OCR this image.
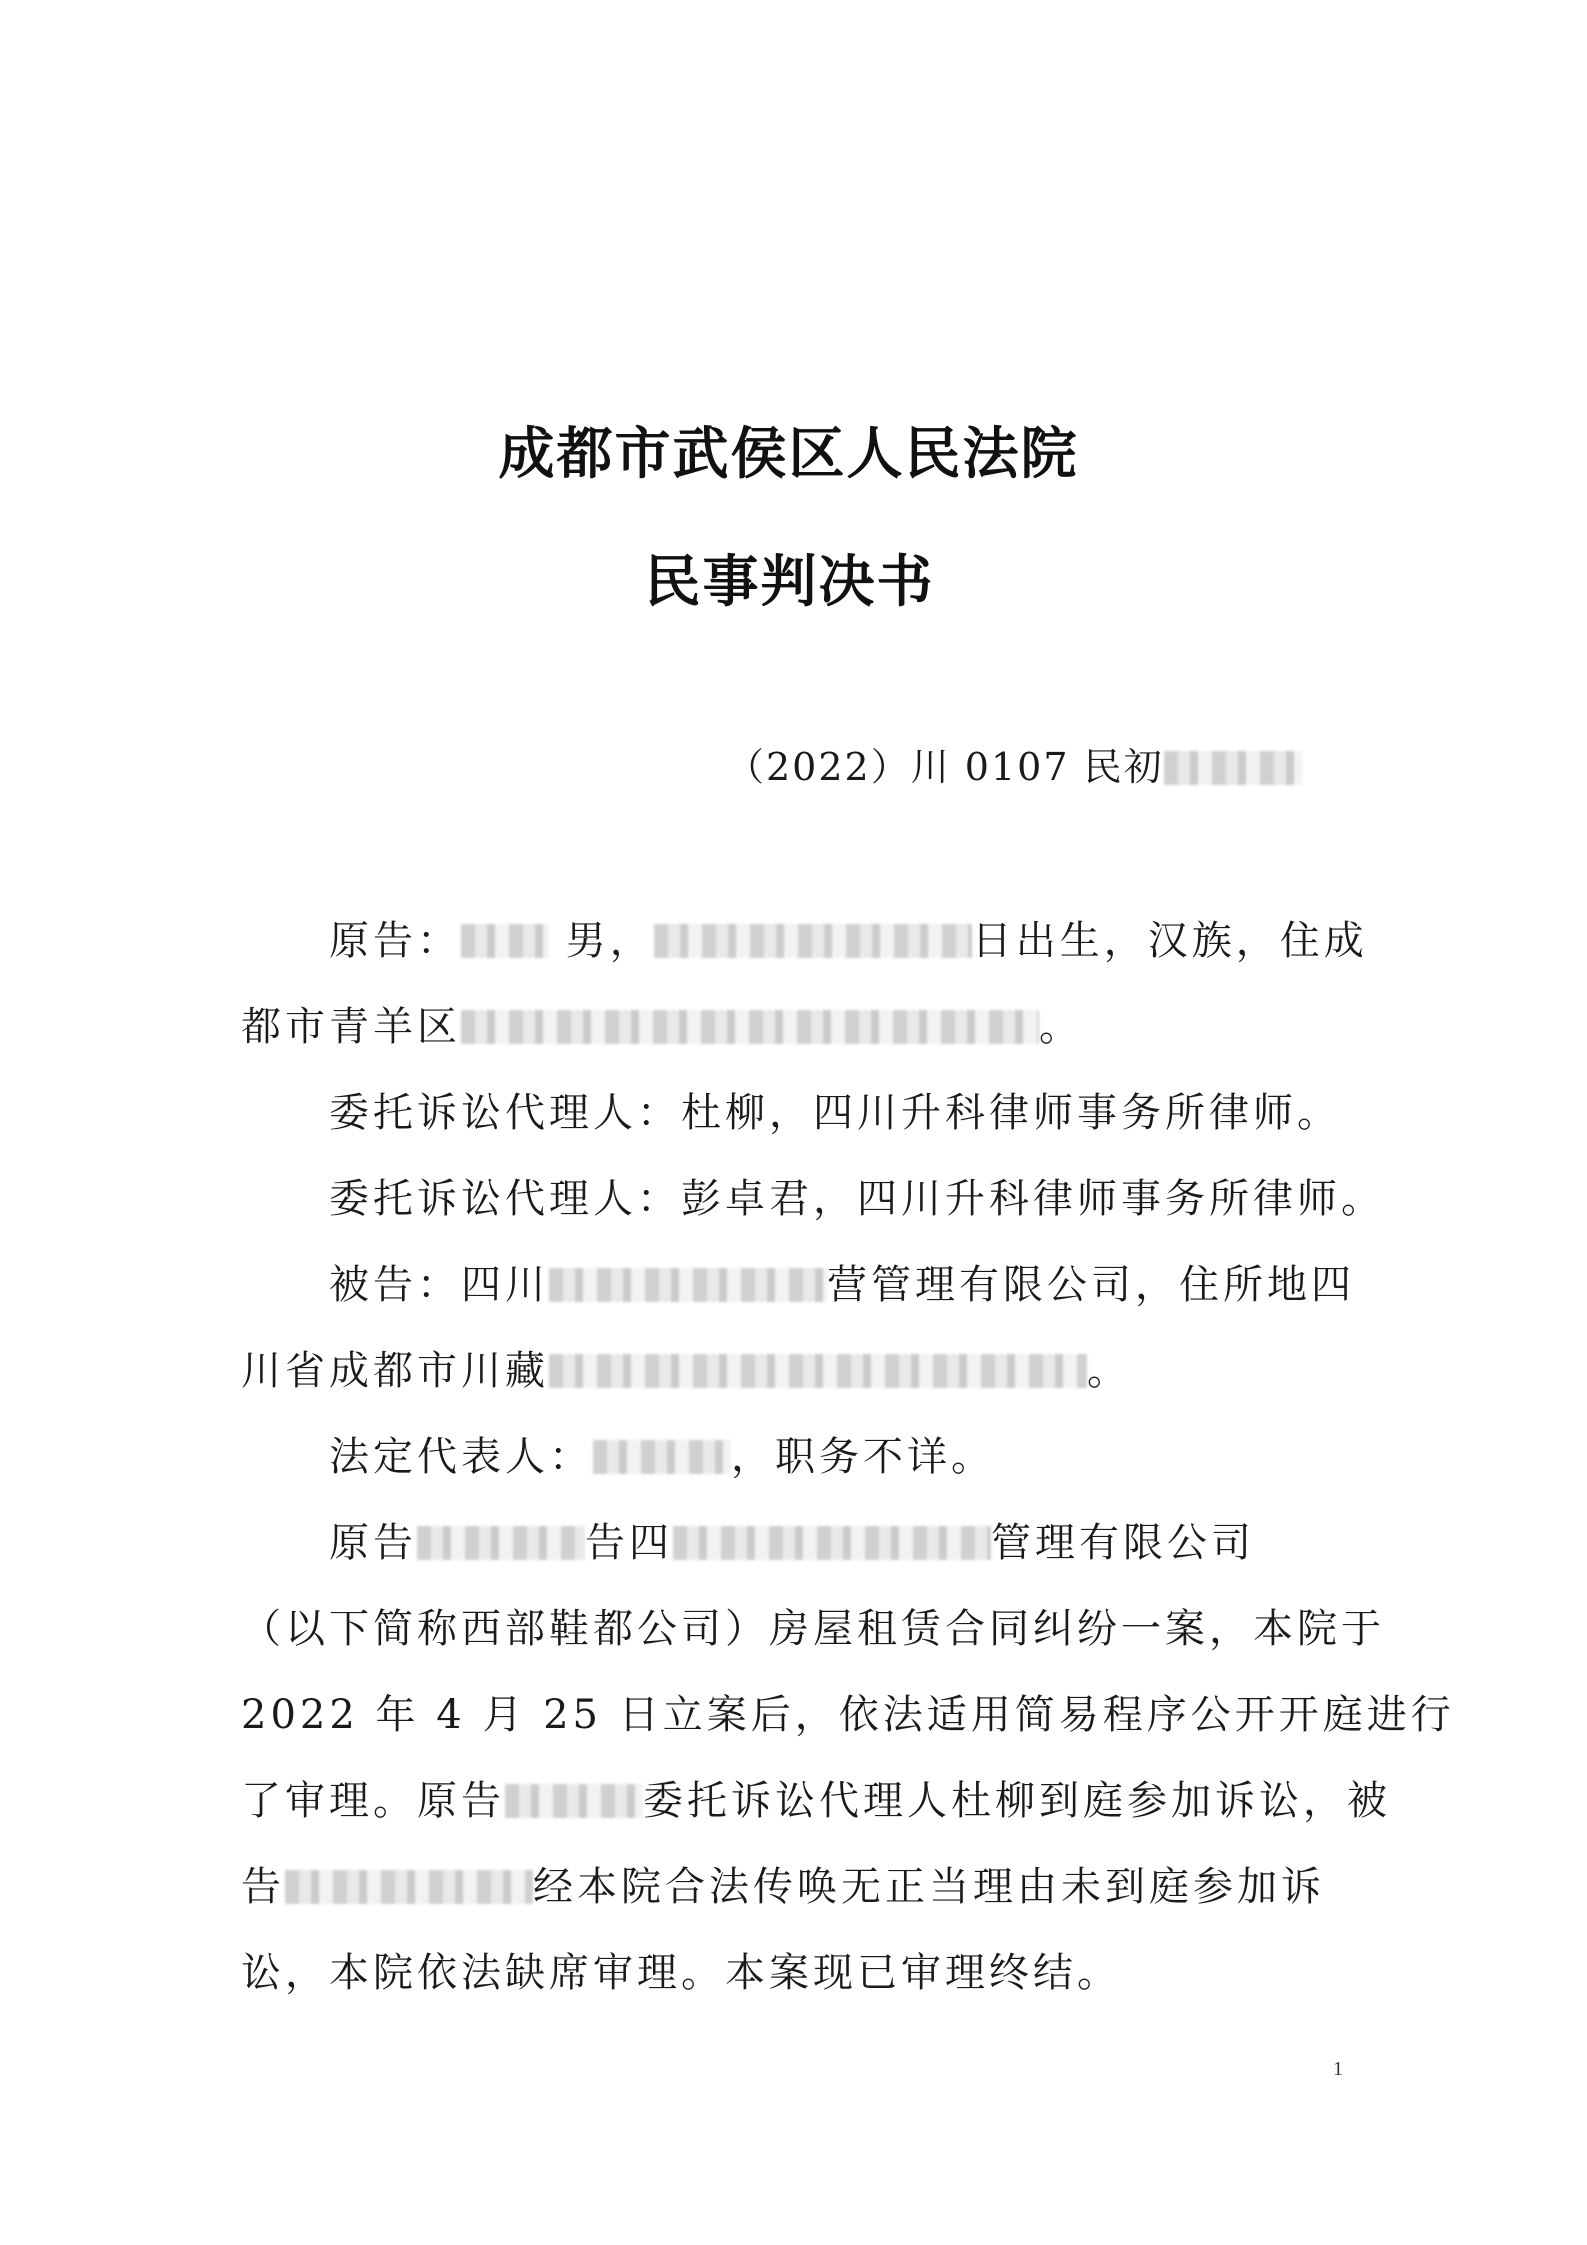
成都市武侯区人民法院
民事判决书
（2022）川 0107 民初
原告：	男，	日出生，汉族，住成
都市青羊区	。
委托诉讼代理人：杜柳，四川升科律师事务所律师。
委托诉讼代理人：彭卓君，四川升科律师事务所律师。
被告：四川	营管理有限公司，住所地四
川省成都市川藏	。
法定代表人：	，职务不详。
原告	告四	管理有限公司
（以下简称西部鞋都公司）房屋租赁合同纠纷一案，本院于
2022 年 4 月 25 日立案后，依法适用简易程序公开开庭进行
了审理。原告	委托诉讼代理人杜柳到庭参加诉讼，被
告	经本院合法传唤无正当理由未到庭参加诉
讼，本院依法缺席审理。本案现已审理终结。
1
